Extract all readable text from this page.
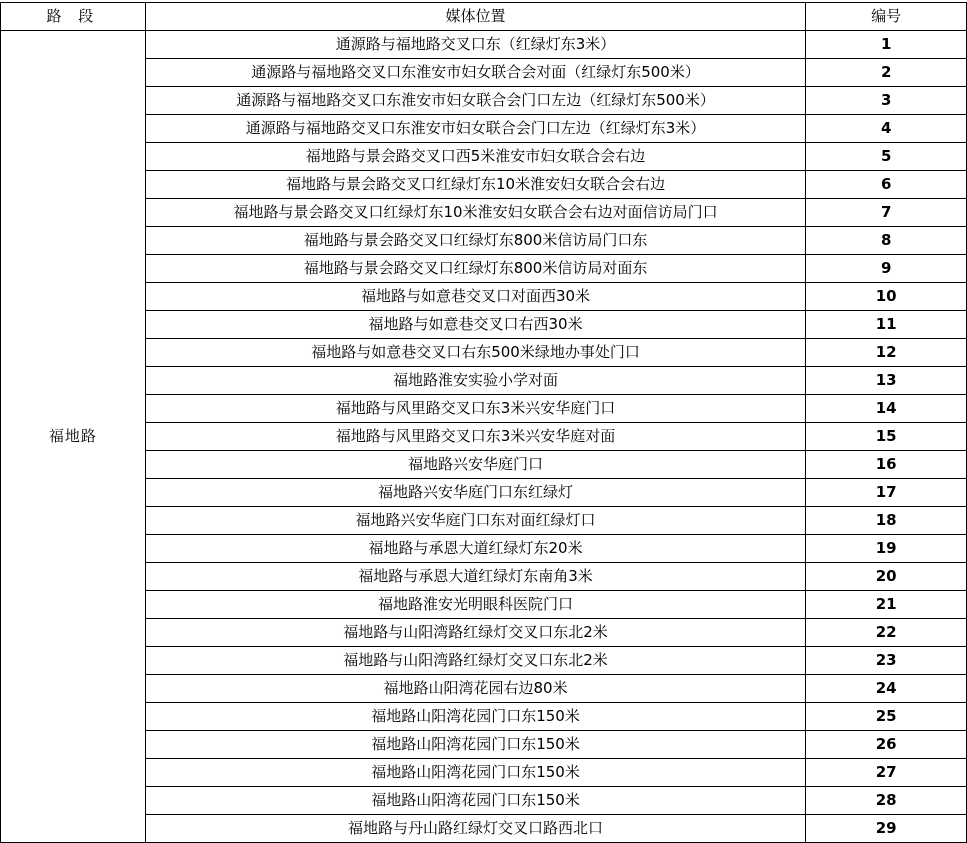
路 段	媒体位置	编号
福地路	通源路与福地路交叉口东（红绿灯东3米）	1
	通源路与福地路交叉口东淮安市妇女联合会对面（红绿灯东500米）	2
	通源路与福地路交叉口东淮安市妇女联合会门口左边（红绿灯东500米）	3
	通源路与福地路交叉口东淮安市妇女联合会门口左边（红绿灯东3米）	4
	福地路与景会路交叉口西5米淮安市妇女联合会右边	5
	福地路与景会路交叉口红绿灯东10米淮安妇女联合会右边	6
	福地路与景会路交叉口红绿灯东10米淮安妇女联合会右边对面信访局门口	7
	福地路与景会路交叉口红绿灯东800米信访局门口东	8
	福地路与景会路交叉口红绿灯东800米信访局对面东	9
	福地路与如意巷交叉口对面西30米	10
	福地路与如意巷交叉口右西30米	11
	福地路与如意巷交叉口右东500米绿地办事处门口	12
	福地路淮安实验小学对面	13
	福地路与风里路交叉口东3米兴安华庭门口	14
	福地路与风里路交叉口东3米兴安华庭对面	15
	福地路兴安华庭门口	16
	福地路兴安华庭门口东红绿灯	17
	福地路兴安华庭门口东对面红绿灯口	18
	福地路与承恩大道红绿灯东20米	19
	福地路与承恩大道红绿灯东南角3米	20
	福地路淮安光明眼科医院门口	21
	福地路与山阳湾路红绿灯交叉口东北2米	22
	福地路与山阳湾路红绿灯交叉口东北2米	23
	福地路山阳湾花园右边80米	24
	福地路山阳湾花园门口东150米	25
	福地路山阳湾花园门口东150米	26
	福地路山阳湾花园门口东150米	27
	福地路山阳湾花园门口东150米	28
	福地路与丹山路红绿灯交叉口路西北口	29
